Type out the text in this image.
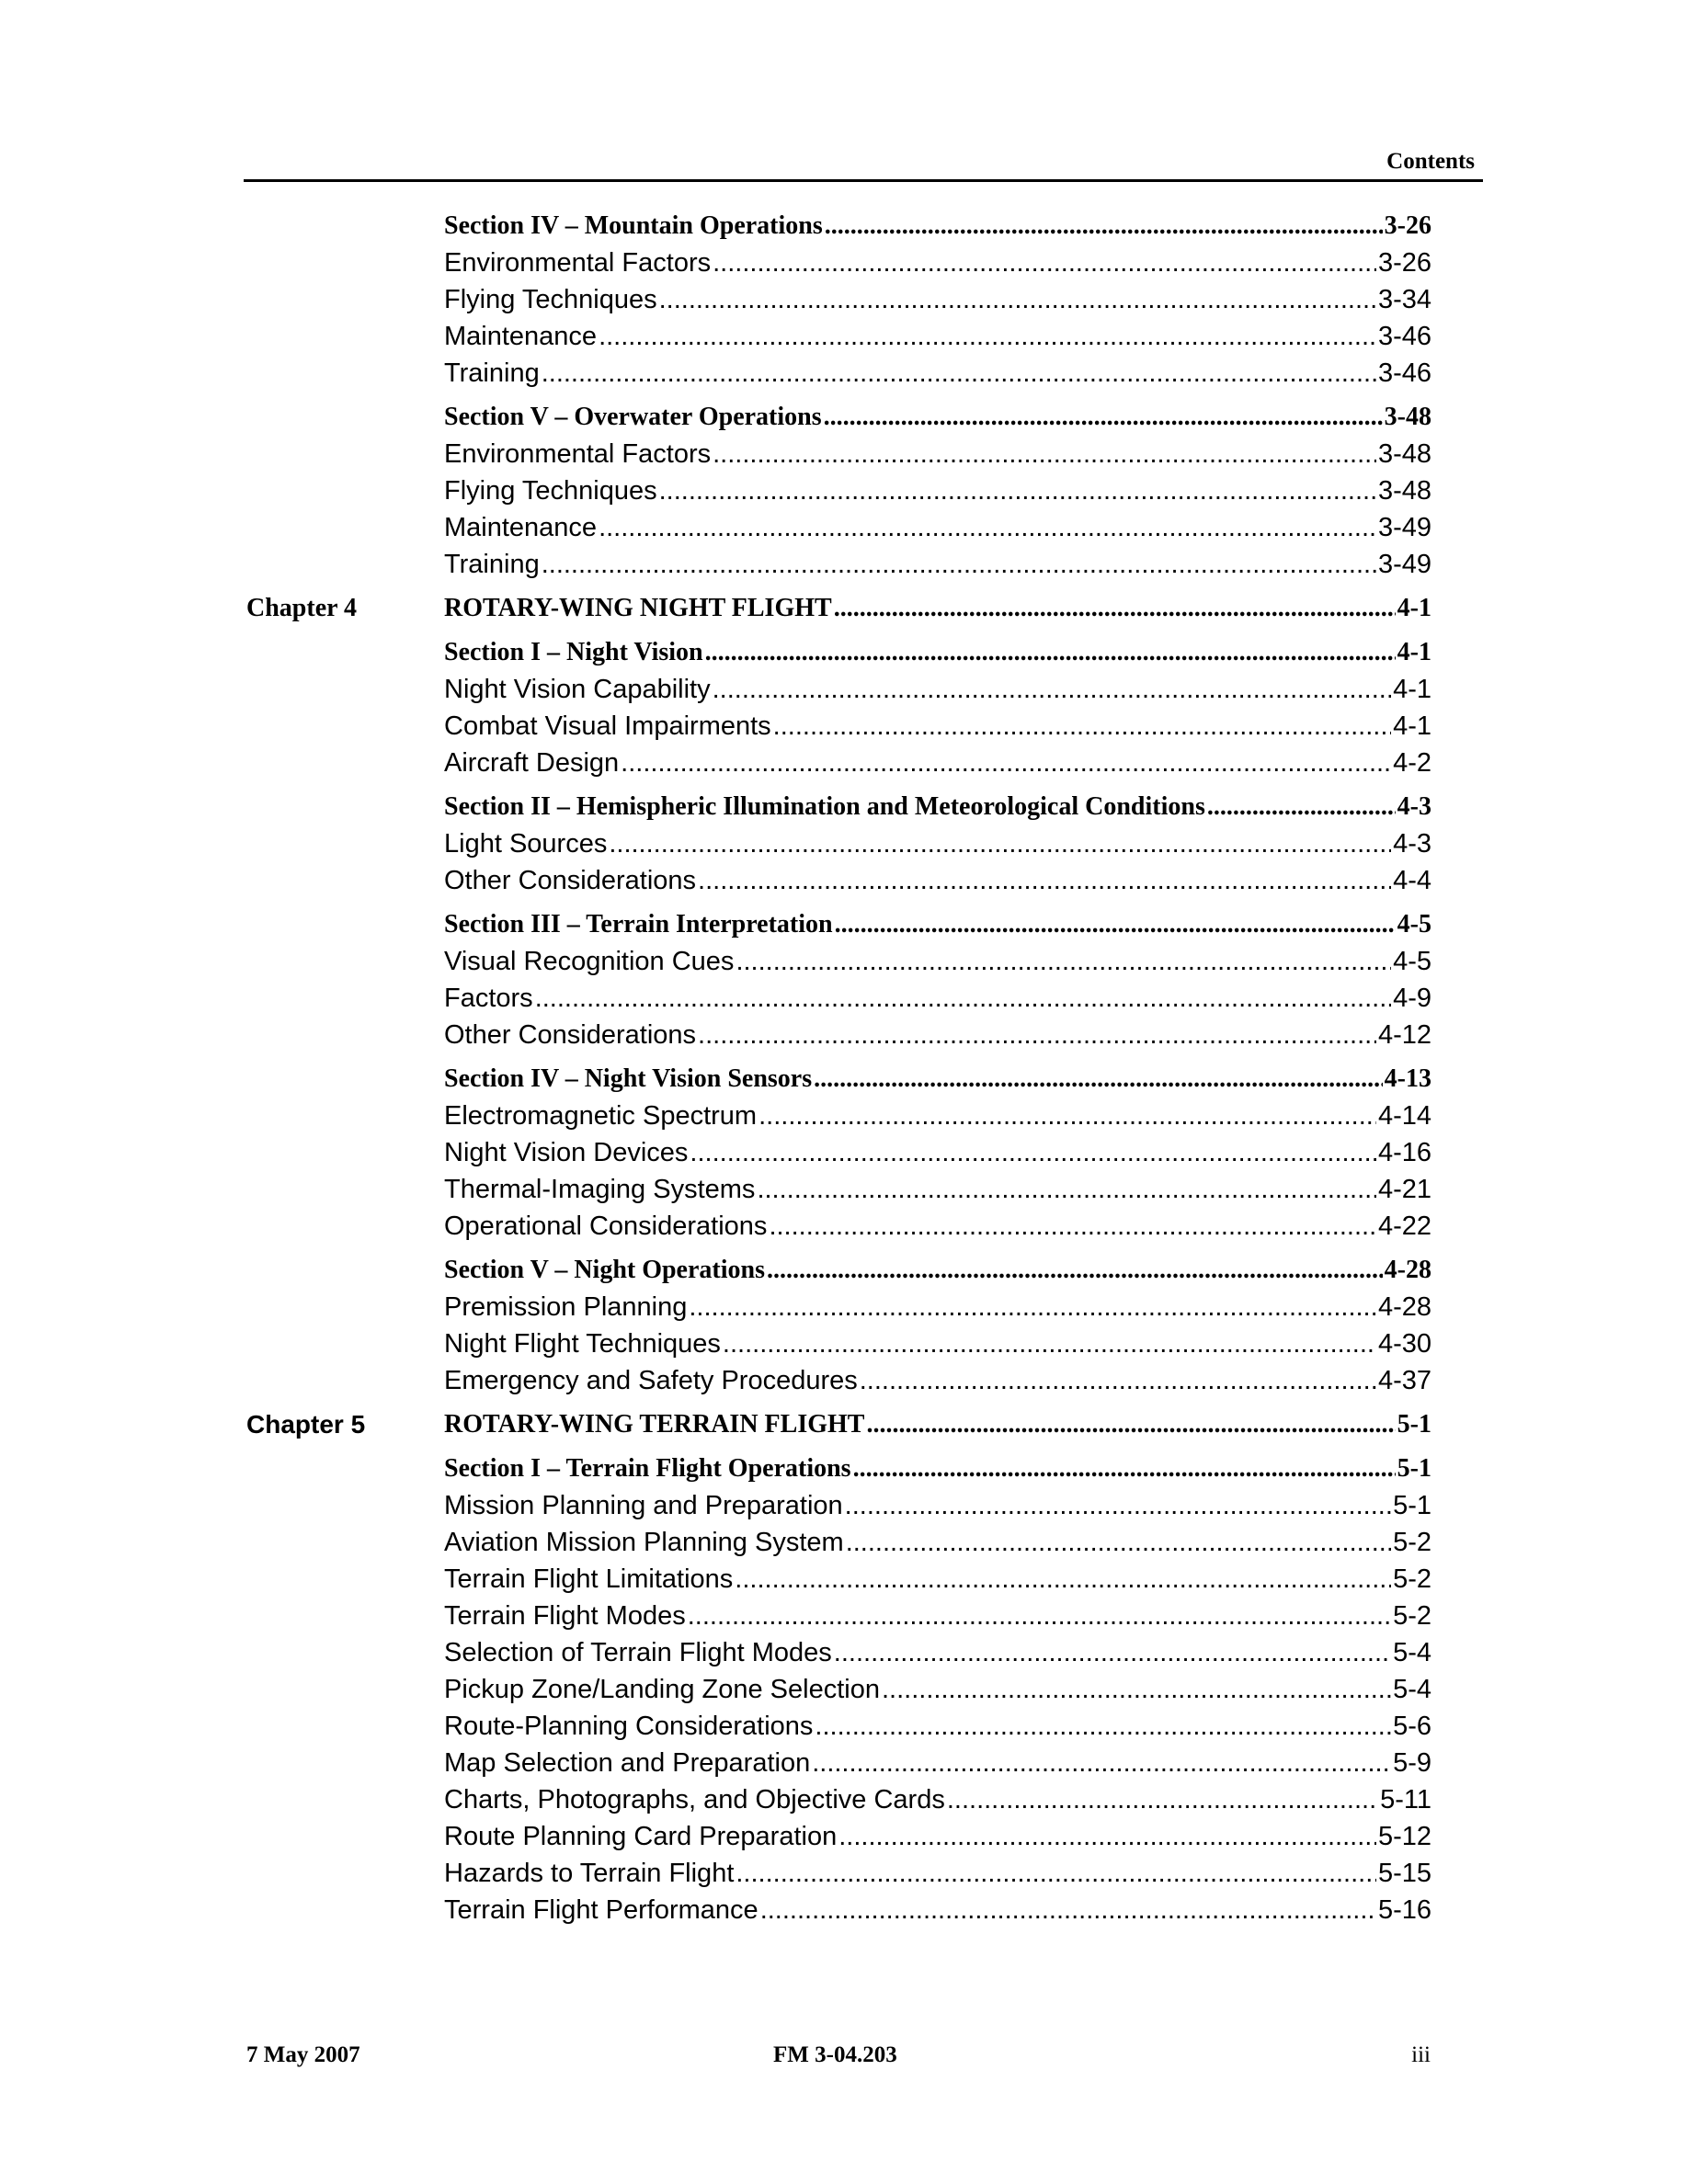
Contents
Section IV – Mountain Operations .....	3-26
Environmental Factors .....	3-26
Flying Techniques .....	3-34
Maintenance .....	3-46
Training .....	3-46
Section V – Overwater Operations .....	3-48
Environmental Factors .....	3-48
Flying Techniques .....	3-48
Maintenance .....	3-49
Training .....	3-49
Chapter 4	ROTARY-WING NIGHT FLIGHT .....	4-1
Section I – Night Vision .....	4-1
Night Vision Capability .....	4-1
Combat Visual Impairments .....	4-1
Aircraft Design .....	4-2
Section II – Hemispheric Illumination and Meteorological Conditions .....	4-3
Light Sources .....	4-3
Other Considerations .....	4-4
Section III – Terrain Interpretation .....	4-5
Visual Recognition Cues .....	4-5
Factors .....	4-9
Other Considerations .....	4-12
Section IV – Night Vision Sensors .....	4-13
Electromagnetic Spectrum .....	4-14
Night Vision Devices .....	4-16
Thermal-Imaging Systems .....	4-21
Operational Considerations .....	4-22
Section V – Night Operations .....	4-28
Premission Planning .....	4-28
Night Flight Techniques .....	4-30
Emergency and Safety Procedures .....	4-37
Chapter 5	ROTARY-WING TERRAIN FLIGHT .....	5-1
Section I – Terrain Flight Operations .....	5-1
Mission Planning and Preparation .....	5-1
Aviation Mission Planning System .....	5-2
Terrain Flight Limitations .....	5-2
Terrain Flight Modes .....	5-2
Selection of Terrain Flight Modes .....	5-4
Pickup Zone/Landing Zone Selection .....	5-4
Route-Planning Considerations .....	5-6
Map Selection and Preparation .....	5-9
Charts, Photographs, and Objective Cards .....	5-11
Route Planning Card Preparation .....	5-12
Hazards to Terrain Flight .....	5-15
Terrain Flight Performance .....	5-16
7 May 2007	FM 3-04.203	iii
